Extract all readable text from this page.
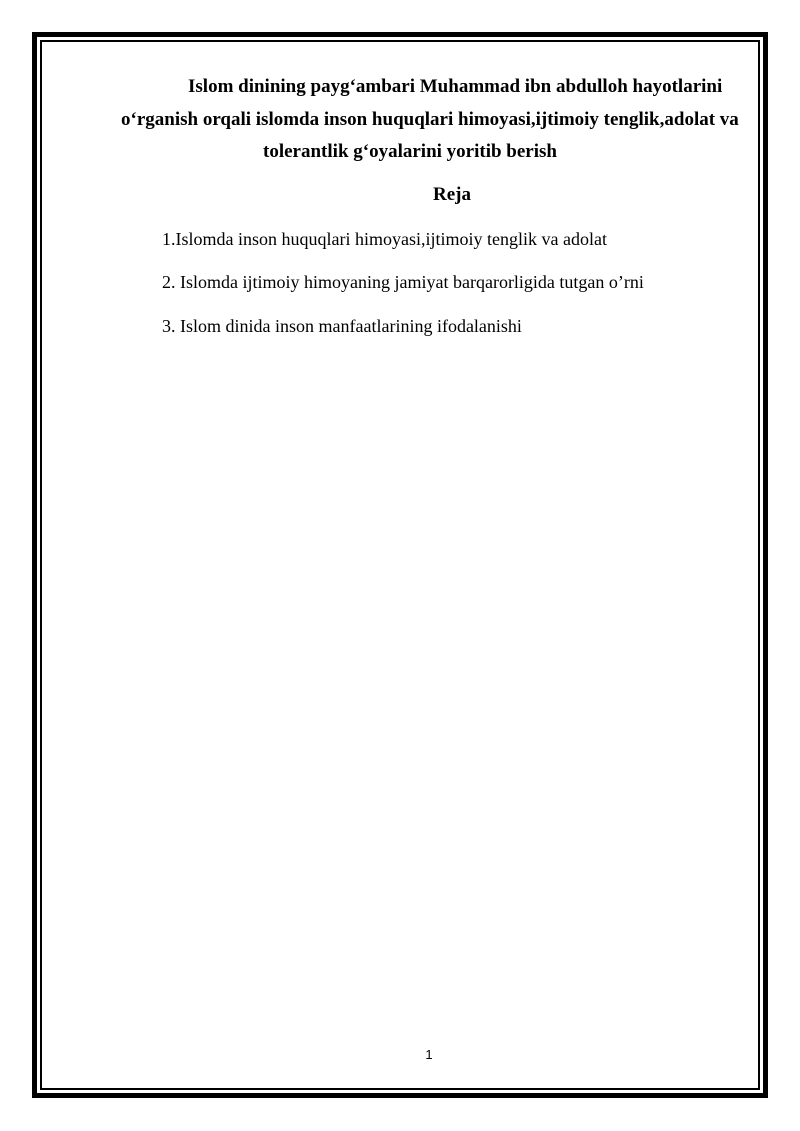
Islom dinining payg‘ambari Muhammad ibn abdulloh hayotlarini
o‘rganish orqali islomda inson huquqlari himoyasi,ijtimoiy tenglik,adolat va
tolerantlik g‘oyalarini yoritib berish
Reja
1.Islomda inson huquqlari himoyasi,ijtimoiy tenglik va adolat
2. Islomda ijtimoiy himoyaning jamiyat barqarorligida tutgan o’rni
3. Islom dinida inson manfaatlarining ifodalanishi
1
